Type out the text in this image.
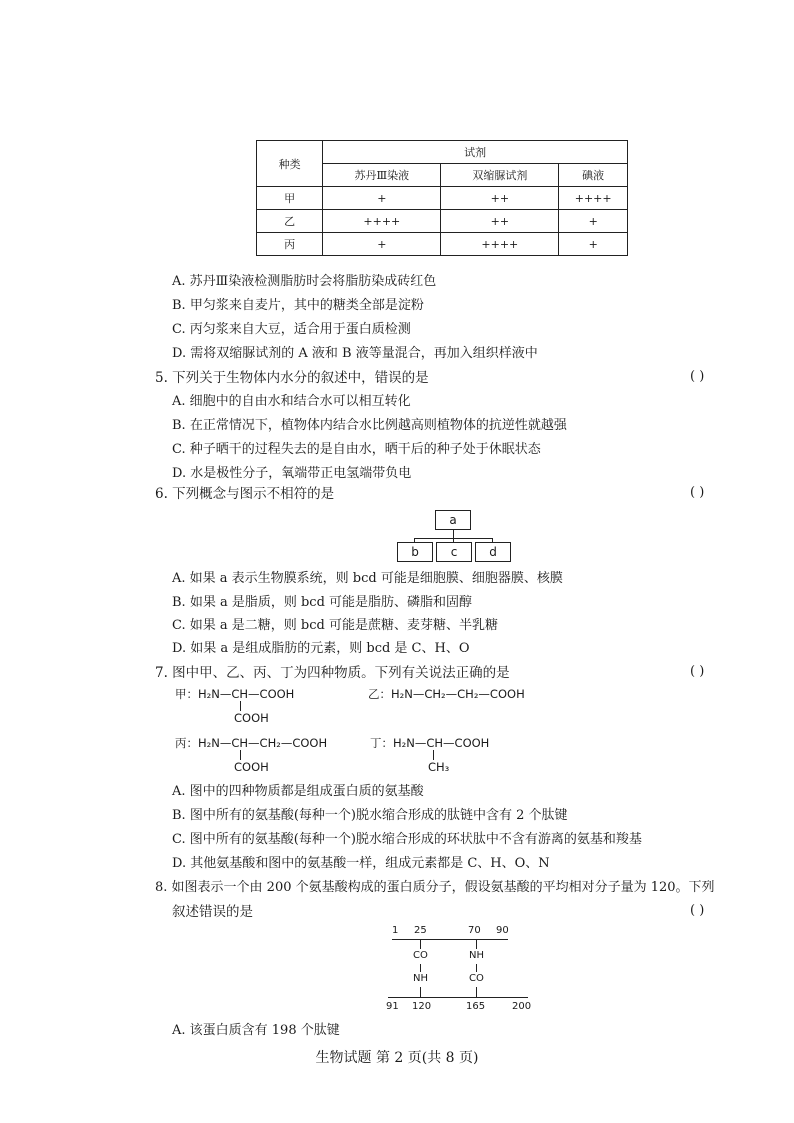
种类	试剂		
	苏丹Ⅲ染液	双缩脲试剂	碘液
甲	+	++	++++
乙	++++	++	+
丙	+	++++	+
A. 苏丹Ⅲ染液检测脂肪时会将脂肪染成砖红色
B. 甲匀浆来自麦片，其中的糖类全部是淀粉
C. 丙匀浆来自大豆，适合用于蛋白质检测
D. 需将双缩脲试剂的 A 液和 B 液等量混合，再加入组织样液中
5. 下列关于生物体内水分的叙述中，错误的是	( )
A. 细胞中的自由水和结合水可以相互转化
B. 在正常情况下，植物体内结合水比例越高则植物体的抗逆性就越强
C. 种子晒干的过程失去的是自由水，晒干后的种子处于休眠状态
D. 水是极性分子，氧端带正电氢端带负电
6. 下列概念与图示不相符的是	( )
a
b	c	d
A. 如果 a 表示生物膜系统，则 bcd 可能是细胞膜、细胞器膜、核膜
B. 如果 a 是脂质，则 bcd 可能是脂肪、磷脂和固醇
C. 如果 a 是二糖，则 bcd 可能是蔗糖、麦芽糖、半乳糖
D. 如果 a 是组成脂肪的元素，则 bcd 是 C、H、O
7. 图中甲、乙、丙、丁为四种物质。下列有关说法正确的是	( )
甲：H₂N—CH—COOH
COOH
乙：H₂N—CH₂—CH₂—COOH
丙：H₂N—CH—CH₂—COOH
COOH
丁：H₂N—CH—COOH
CH₃
A. 图中的四种物质都是组成蛋白质的氨基酸
B. 图中所有的氨基酸(每种一个)脱水缩合形成的肽链中含有 2 个肽键
C. 图中所有的氨基酸(每种一个)脱水缩合形成的环状肽中不含有游离的氨基和羧基
D. 其他氨基酸和图中的氨基酸一样，组成元素都是 C、H、O、N
8. 如图表示一个由 200 个氨基酸构成的蛋白质分子，假设氨基酸的平均相对分子量为 120。下列
叙述错误的是	( )
1 25	70 90
CO
NH
NH
CO
91 120	165	200
A. 该蛋白质含有 198 个肽键
生物试题 第 2 页(共 8 页)
